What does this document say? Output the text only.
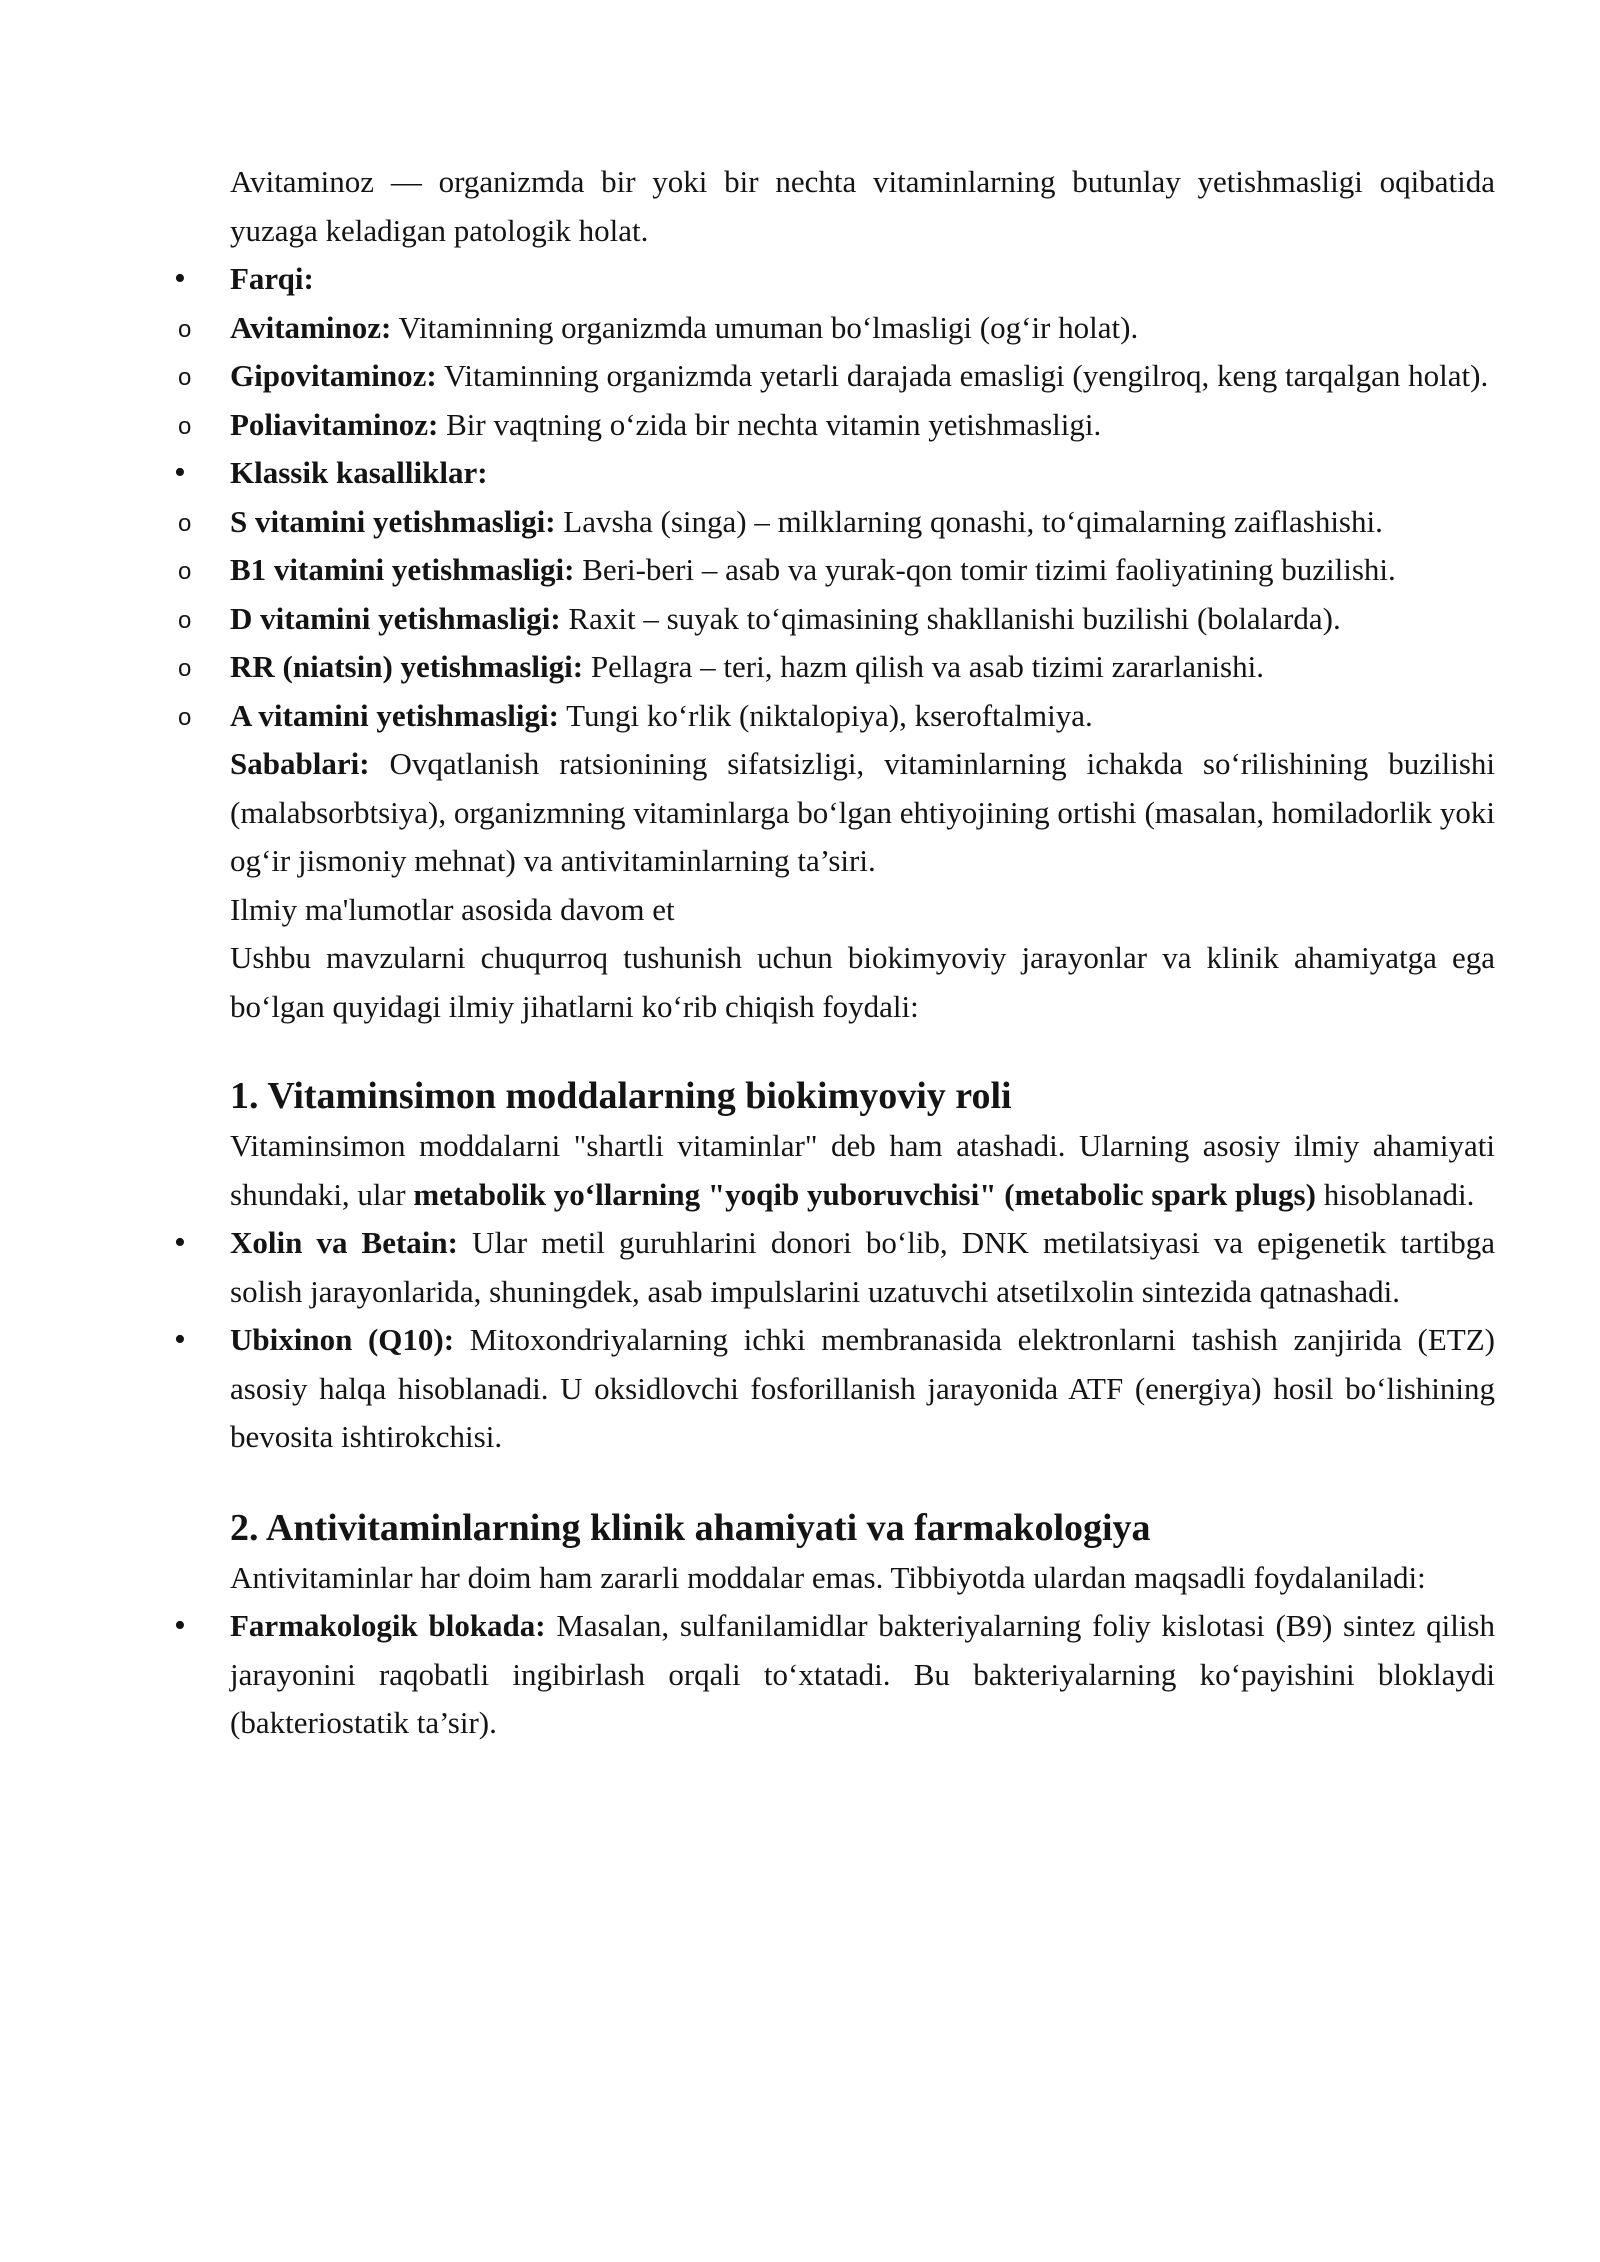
Avitaminoz — organizmda bir yoki bir nechta vitaminlarning butunlay yetishmasligi oqibatida yuzaga keladigan patologik holat.

• Farqi:

o Avitaminoz: Vitaminning organizmda umuman bo‘lmasligi (og‘ir holat).

o Gipovitaminoz: Vitaminning organizmda yetarli darajada emasligi (yengilroq, keng tarqalgan holat).

o Poliavitaminoz: Bir vaqtning o‘zida bir nechta vitamin yetishmasligi.

• Klassik kasalliklar:

o S vitamini yetishmasligi: Lavsha (singa) – milklarning qonashi, to‘qimalarning zaiflashishi.

o B1 vitamini yetishmasligi: Beri-beri – asab va yurak-qon tomir tizimi faoliyatining buzilishi.

o D vitamini yetishmasligi: Raxit – suyak to‘qimasining shakllanishi buzilishi (bolalarda).

o RR (niatsin) yetishmasligi: Pellagra – teri, hazm qilish va asab tizimi zararlanishi.

o A vitamini yetishmasligi: Tungi ko‘rlik (niktalopiya), kseroftalmiya.

Sabablari: Ovqatlanish ratsionining sifatsizligi, vitaminlarning ichakda so‘rilishining buzilishi (malabsorbtsiya), organizmning vitaminlarga bo‘lgan ehtiyojining ortishi (masalan, homiladorlik yoki og‘ir jismoniy mehnat) va antivitaminlarning ta’siri.

Ilmiy ma'lumotlar asosida davom et

Ushbu mavzularni chuqurroq tushunish uchun biokimyoviy jarayonlar va klinik ahamiyatga ega bo‘lgan quyidagi ilmiy jihatlarni ko‘rib chiqish foydali:

1. Vitaminsimon moddalarning biokimyoviy roli

Vitaminsimon moddalarni "shartli vitaminlar" deb ham atashadi. Ularning asosiy ilmiy ahamiyati shundaki, ular metabolik yo‘llarning "yoqib yuboruvchisi" (metabolic spark plugs) hisoblanadi.

• Xolin va Betain: Ular metil guruhlarini donori bo‘lib, DNK metilatsiyasi va epigenetik tartibga solish jarayonlarida, shuningdek, asab impulslarini uzatuvchi atsetilxolin sintezida qatnashadi.

• Ubixinon (Q10): Mitoxondriyalarning ichki membranasida elektronlarni tashish zanjirida (ETZ) asosiy halqa hisoblanadi. U oksidlovchi fosforillanish jarayonida ATF (energiya) hosil bo‘lishining bevosita ishtirokchisi.

2. Antivitaminlarning klinik ahamiyati va farmakologiya

Antivitaminlar har doim ham zararli moddalar emas. Tibbiyotda ulardan maqsadli foydalaniladi:

• Farmakologik blokada: Masalan, sulfanilamidlar bakteriyalarning foliy kislotasi (B9) sintez qilish jarayonini raqobatli ingibirlash orqali to‘xtatadi. Bu bakteriyalarning ko‘payishini bloklaydi (bakteriostatik ta’sir).
